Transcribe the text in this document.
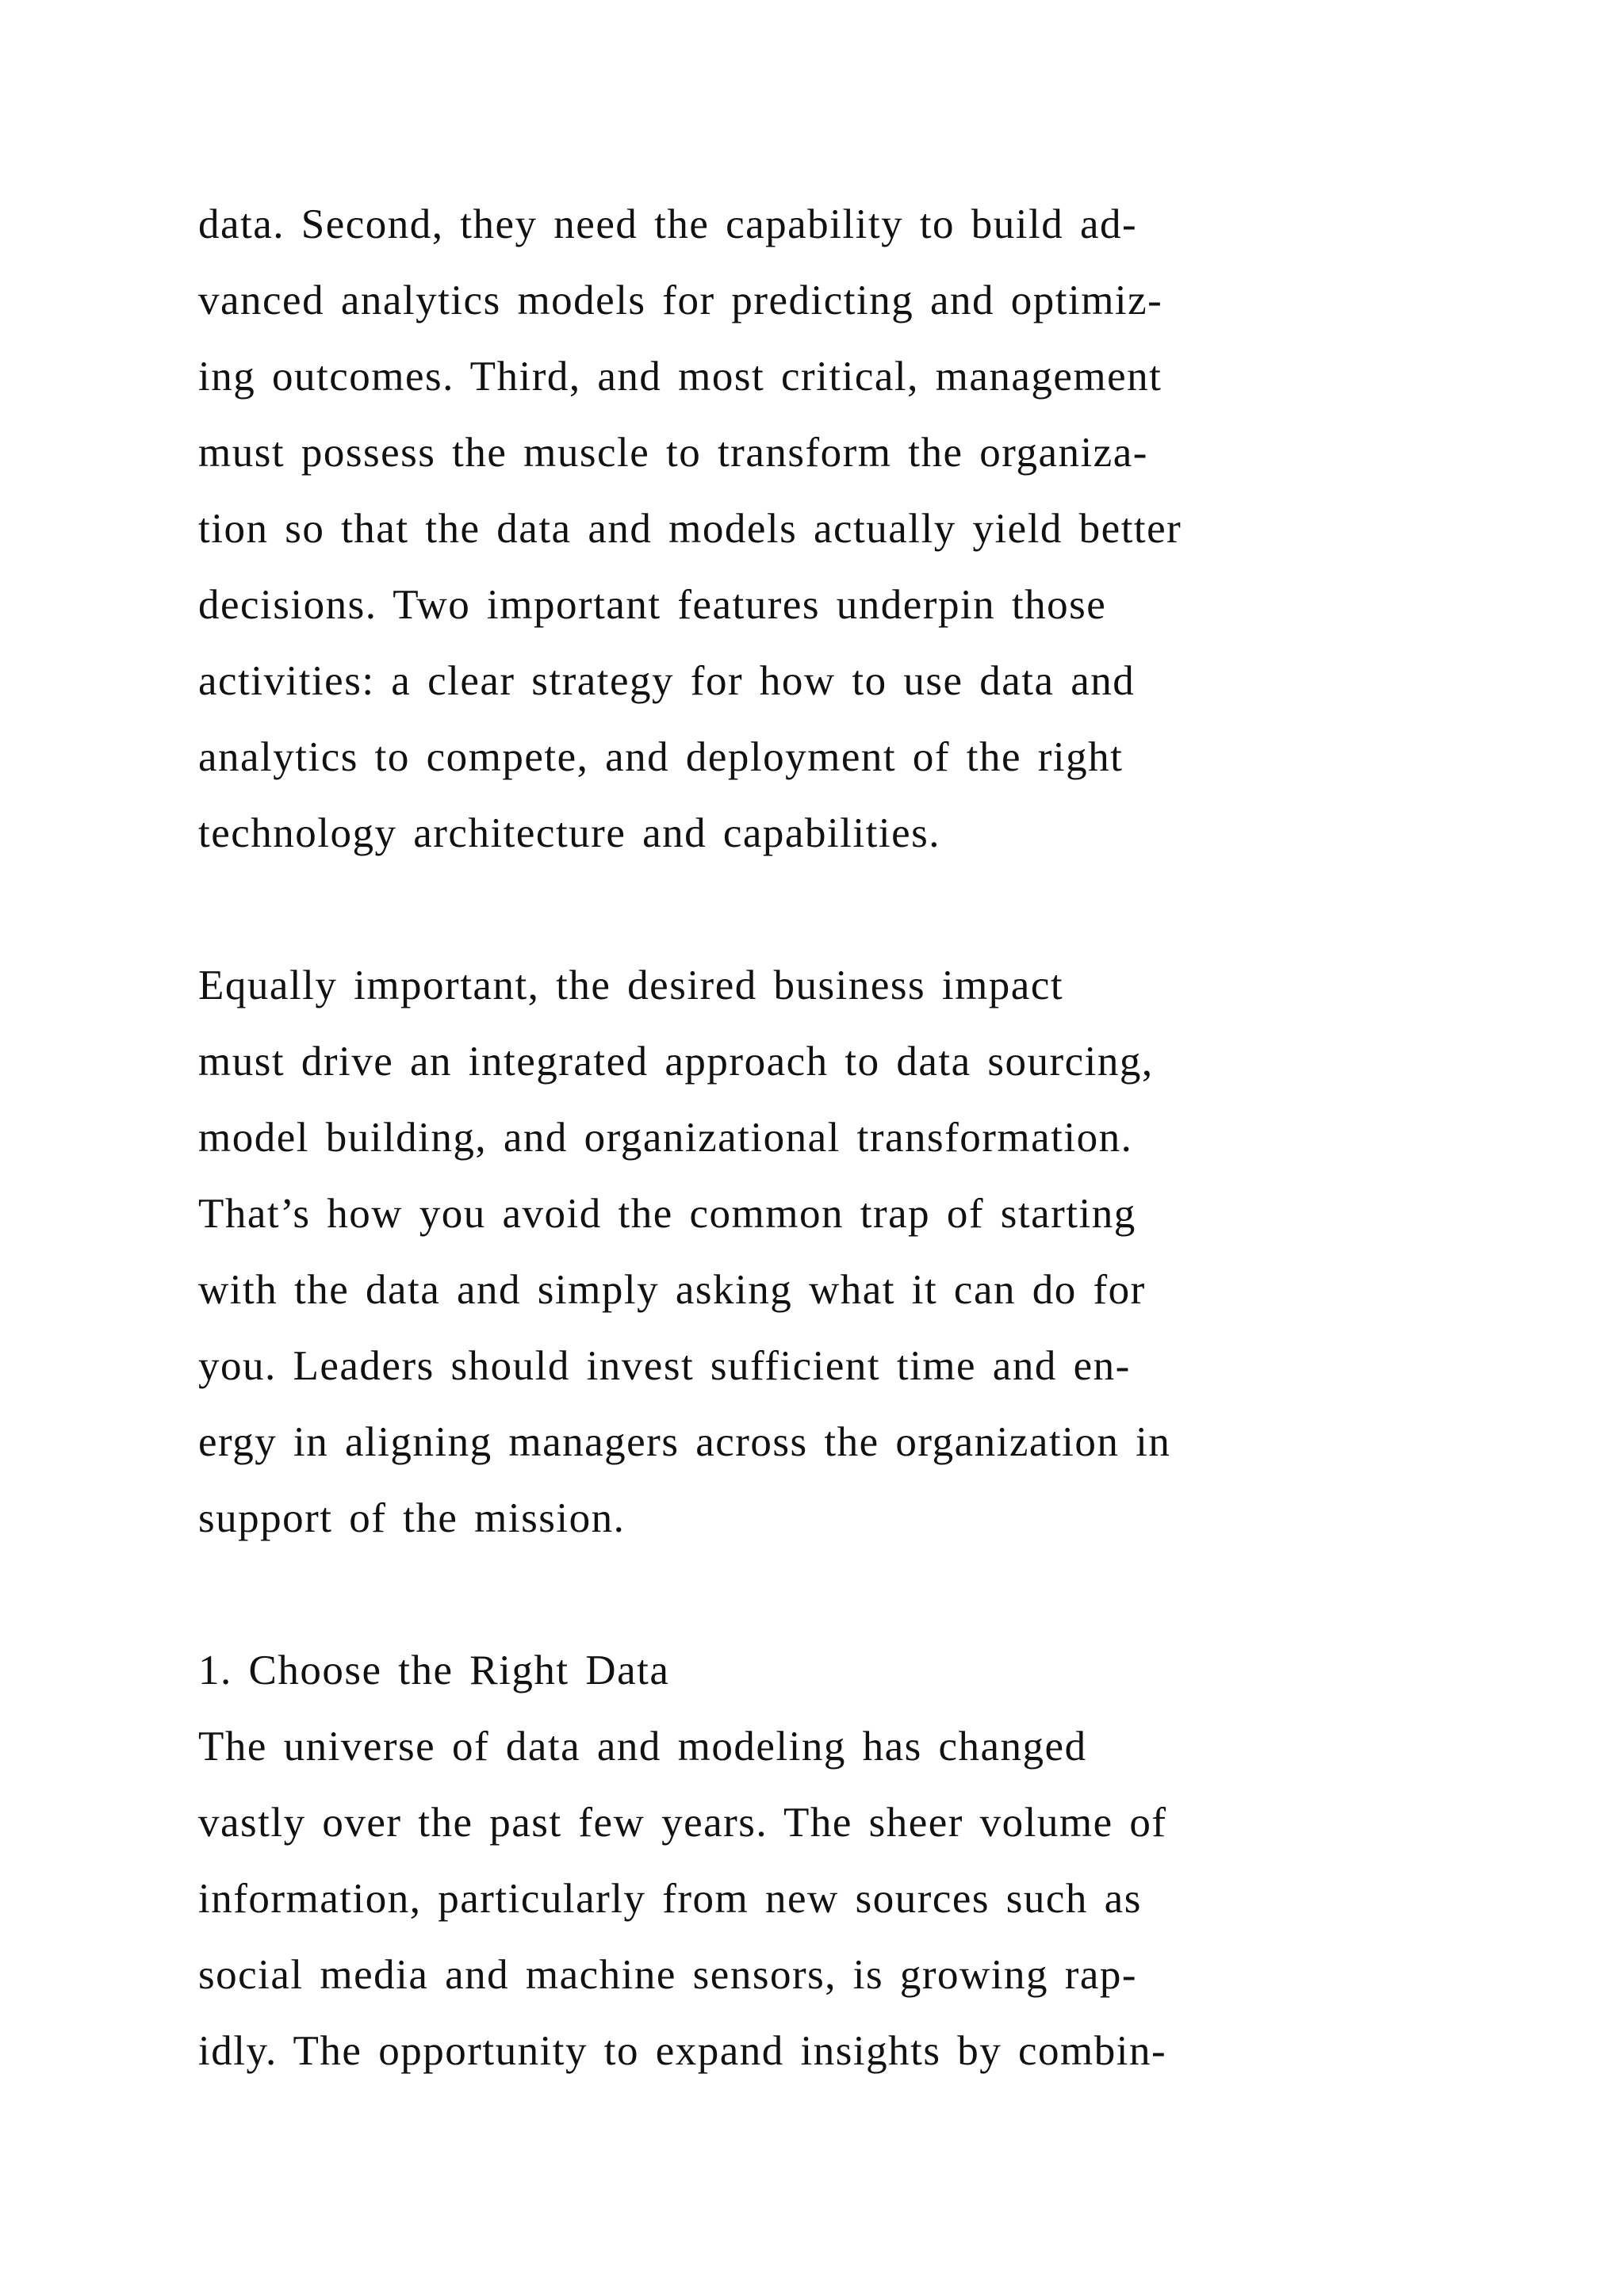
data. Second, they need the capability to build ad-
vanced analytics models for predicting and optimiz-
ing outcomes. Third, and most critical, management
must possess the muscle to transform the organiza-
tion so that the data and models actually yield better
decisions. Two important features underpin those
activities: a clear strategy for how to use data and
analytics to compete, and deployment of the right
technology architecture and capabilities.
Equally important, the desired business impact
must drive an integrated approach to data sourcing,
model building, and organizational transformation.
That’s how you avoid the common trap of starting
with the data and simply asking what it can do for
you. Leaders should invest sufficient time and en-
ergy in aligning managers across the organization in
support of the mission.
1. Choose the Right Data
The universe of data and modeling has changed
vastly over the past few years. The sheer volume of
information, particularly from new sources such as
social media and machine sensors, is growing rap-
idly. The opportunity to expand insights by combin-
